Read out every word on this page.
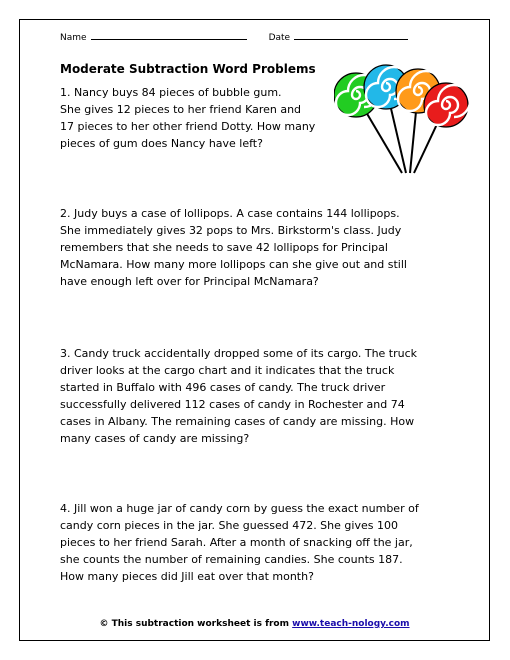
Name	Date
Moderate Subtraction Word Problems
1. Nancy buys 84 pieces of bubble gum.
She gives 12 pieces to her friend Karen and
17 pieces to her other friend Dotty. How many
pieces of gum does Nancy have left?
2. Judy buys a case of lollipops. A case contains 144 lollipops.
She immediately gives 32 pops to Mrs. Birkstorm's class. Judy
remembers that she needs to save 42 lollipops for Principal
McNamara. How many more lollipops can she give out and still
have enough left over for Principal McNamara?
3. Candy truck accidentally dropped some of its cargo. The truck
driver looks at the cargo chart and it indicates that the truck
started in Buffalo with 496 cases of candy. The truck driver
successfully delivered 112 cases of candy in Rochester and 74
cases in Albany. The remaining cases of candy are missing. How
many cases of candy are missing?
4. Jill won a huge jar of candy corn by guess the exact number of
candy corn pieces in the jar. She guessed 472. She gives 100
pieces to her friend Sarah. After a month of snacking off the jar,
she counts the number of remaining candies. She counts 187.
How many pieces did Jill eat over that month?
© This subtraction worksheet is from www.teach-nology.com
